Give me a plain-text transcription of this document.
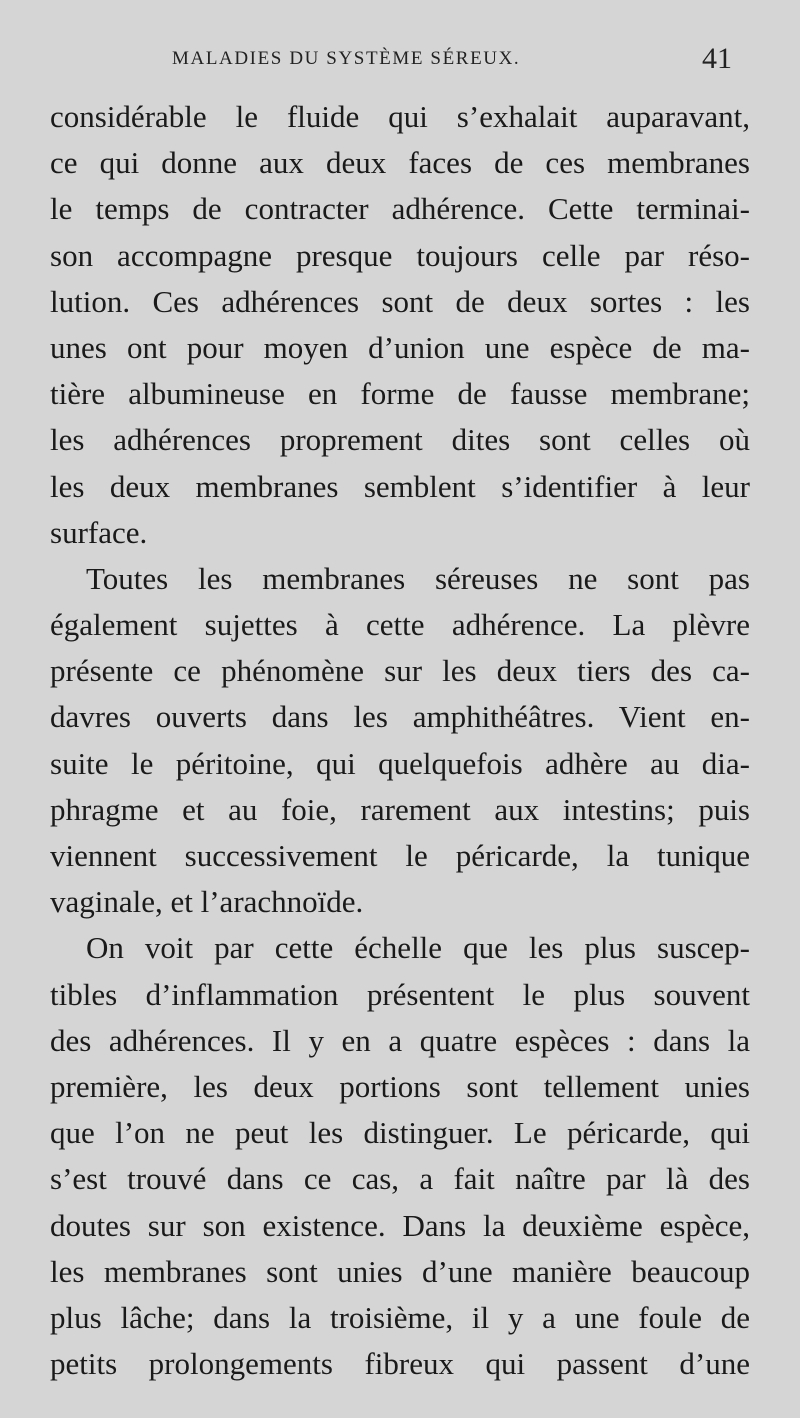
MALADIES DU SYSTÈME SÉREUX.	41
considérable le fluide qui s’exhalait auparavant,
ce qui donne aux deux faces de ces membranes
le temps de contracter adhérence. Cette terminai-
son accompagne presque toujours celle par réso-
lution. Ces adhérences sont de deux sortes : les
unes ont pour moyen d’union une espèce de ma-
tière albumineuse en forme de fausse membrane;
les adhérences proprement dites sont celles où
les deux membranes semblent s’identifier à leur
surface.
Toutes les membranes séreuses ne sont pas
également sujettes à cette adhérence. La plèvre
présente ce phénomène sur les deux tiers des ca-
davres ouverts dans les amphithéâtres. Vient en-
suite le péritoine, qui quelquefois adhère au dia-
phragme et au foie, rarement aux intestins; puis
viennent successivement le péricarde, la tunique
vaginale, et l’arachnoïde.
On voit par cette échelle que les plus suscep-
tibles d’inflammation présentent le plus souvent
des adhérences. Il y en a quatre espèces : dans la
première, les deux portions sont tellement unies
que l’on ne peut les distinguer. Le péricarde, qui
s’est trouvé dans ce cas, a fait naître par là des
doutes sur son existence. Dans la deuxième espèce,
les membranes sont unies d’une manière beaucoup
plus lâche; dans la troisième, il y a une foule de
petits prolongements fibreux qui passent d’une
